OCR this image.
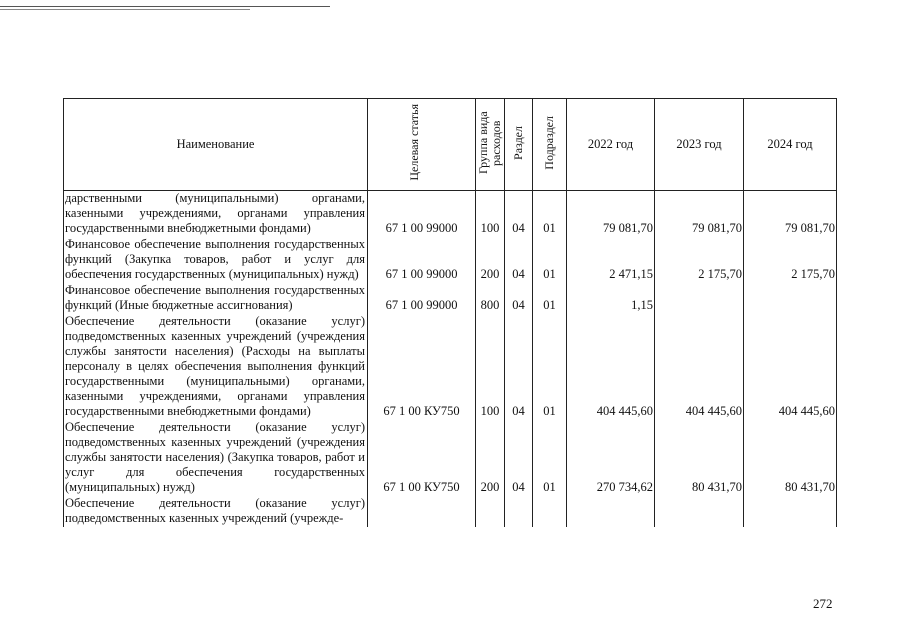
Наименование	Целевая статья	Группа вида расходов	Раздел	Подраздел	2022 год	2023 год	2024 год
дарственными (муниципальными) органами, казенными учреждениями, органами управления государственными внебюджетными фондами)	67 1 00 99000	100	04	01	79 081,70	79 081,70	79 081,70
Финансовое обеспечение выполнения государственных функций (Закупка товаров, работ и услуг для обеспечения государственных (муниципальных) нужд)	67 1 00 99000	200	04	01	2 471,15	2 175,70	2 175,70
Финансовое обеспечение выполнения государственных функций (Иные бюджетные ассигнования)	67 1 00 99000	800	04	01	1,15		
Обеспечение деятельности (оказание услуг) подведомственных казенных учреждений (учреждения службы занятости населения) (Расходы на выплаты персоналу в целях обеспечения выполнения функций государственными (муниципальными) органами, казенными учреждениями, органами управления государственными внебюджетными фондами)	67 1 00 КУ750	100	04	01	404 445,60	404 445,60	404 445,60
Обеспечение деятельности (оказание услуг) подведомственных казенных учреждений (учреждения службы занятости населения) (Закупка товаров, работ и услуг для обеспечения государственных (муниципальных) нужд)	67 1 00 КУ750	200	04	01	270 734,62	80 431,70	80 431,70
Обеспечение деятельности (оказание услуг) подведомственных казенных учреждений (учрежде-							
272
